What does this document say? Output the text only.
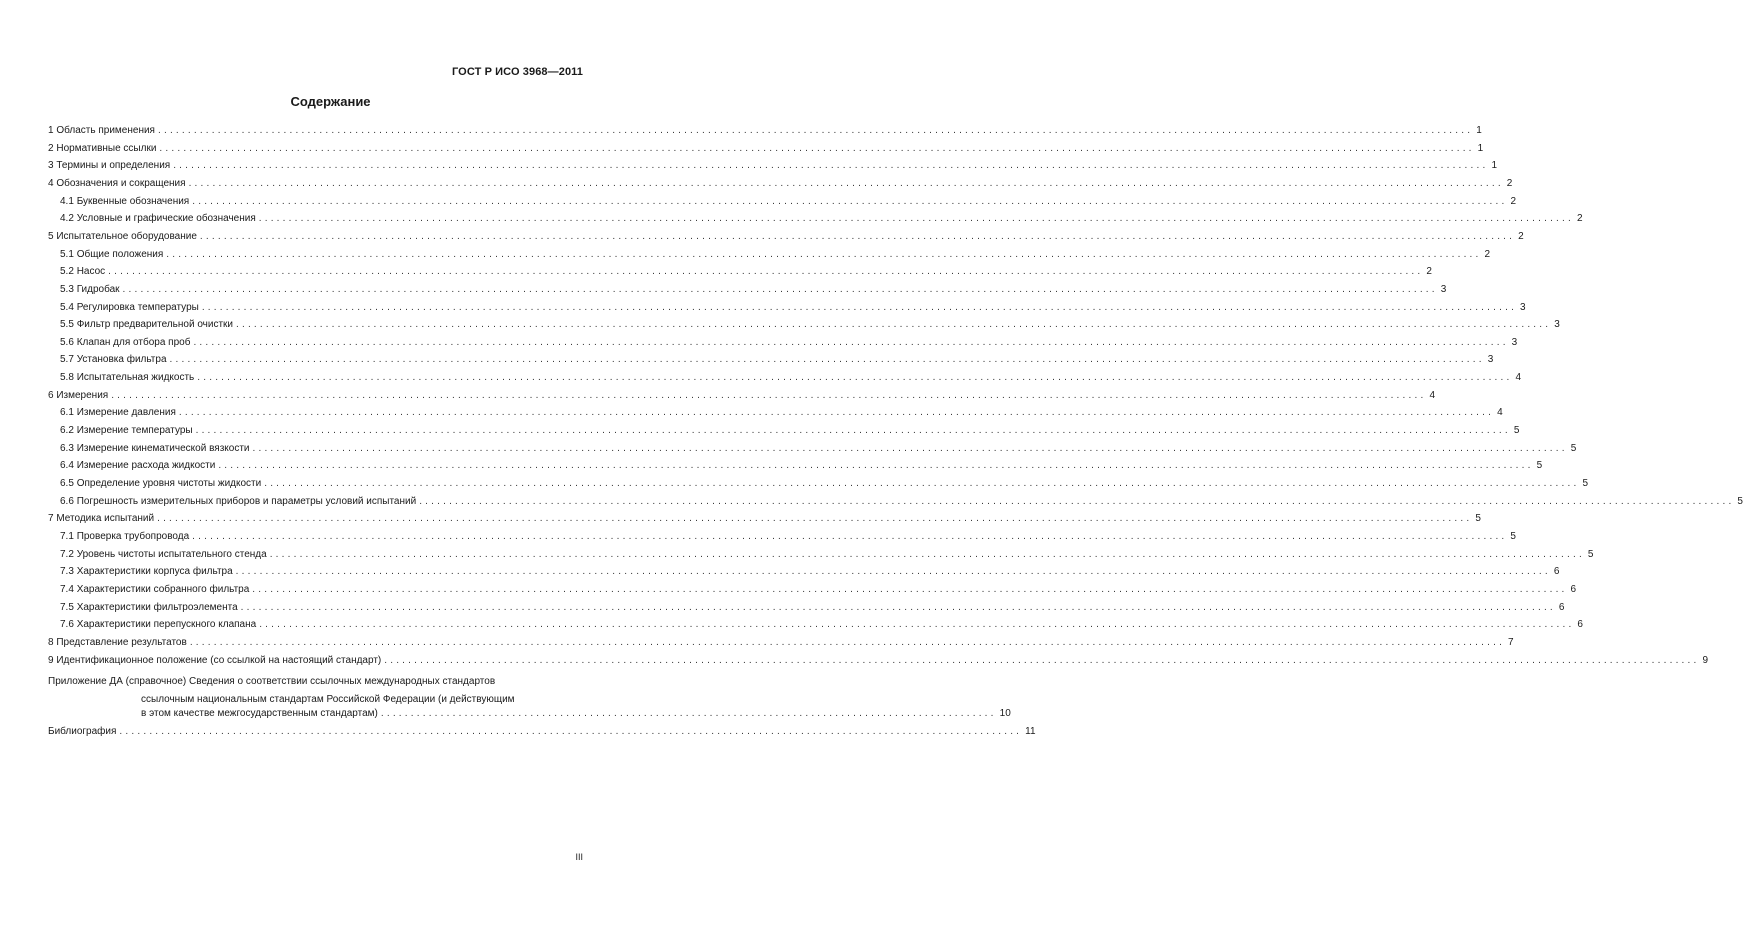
ГОСТ Р ИСО 3968—2011
Содержание
Приложение ДА (справочное) Сведения о соответствии ссылочных международных стандартов
ссылочным национальным стандартам Российской Федерации (и действующим
в этом качестве межгосударственным стандартам) ....................................................................................................... 10
Библиография ....................................................................................................................................................... 11
1
Область применения ............................................................................................................................................................................................................................ 1
2
Нормативные ссылки ............................................................................................................................................................................................................................ 1
3
Термины и определения ............................................................................................................................................................................................................................ 1
4
Обозначения и сокращения ............................................................................................................................................................................................................................ 2
4.1
Буквенные обозначения ............................................................................................................................................................................................................................ 2
4.2
Условные и графические обозначения ............................................................................................................................................................................................................................ 2
5
Испытательное оборудование ............................................................................................................................................................................................................................ 2
5.1
Общие положения ............................................................................................................................................................................................................................ 2
5.2
Насос ............................................................................................................................................................................................................................ 2
5.3
Гидробак ............................................................................................................................................................................................................................ 3
5.4
Регулировка температуры ............................................................................................................................................................................................................................ 3
5.5
Фильтр предварительной очистки ............................................................................................................................................................................................................................ 3
5.6
Клапан для отбора проб ............................................................................................................................................................................................................................ 3
5.7
Установка фильтра ............................................................................................................................................................................................................................ 3
5.8
Испытательная жидкость ............................................................................................................................................................................................................................ 4
6
Измерения ............................................................................................................................................................................................................................ 4
6.1
Измерение давления ............................................................................................................................................................................................................................ 4
6.2
Измерение температуры ............................................................................................................................................................................................................................ 5
6.3
Измерение кинематической вязкости ............................................................................................................................................................................................................................ 5
6.4
Измерение расхода жидкости ............................................................................................................................................................................................................................ 5
6.5
Определение уровня чистоты жидкости ............................................................................................................................................................................................................................ 5
6.6
Погрешность измерительных приборов и параметры условий испытаний ............................................................................................................................................................................................................................ 5
7
Методика испытаний ............................................................................................................................................................................................................................ 5
7.1
Проверка трубопровода ............................................................................................................................................................................................................................ 5
7.2
Уровень чистоты испытательного стенда ............................................................................................................................................................................................................................ 5
7.3
Характеристики корпуса фильтра ............................................................................................................................................................................................................................ 6
7.4
Характеристики собранного фильтра ............................................................................................................................................................................................................................ 6
7.5
Характеристики фильтроэлемента ............................................................................................................................................................................................................................ 6
7.6
Характеристики перепускного клапана ............................................................................................................................................................................................................................ 6
8
Представление результатов ............................................................................................................................................................................................................................ 7
9
Идентификационное положение (со ссылкой на настоящий стандарт) ............................................................................................................................................................................................................................ 9
III
